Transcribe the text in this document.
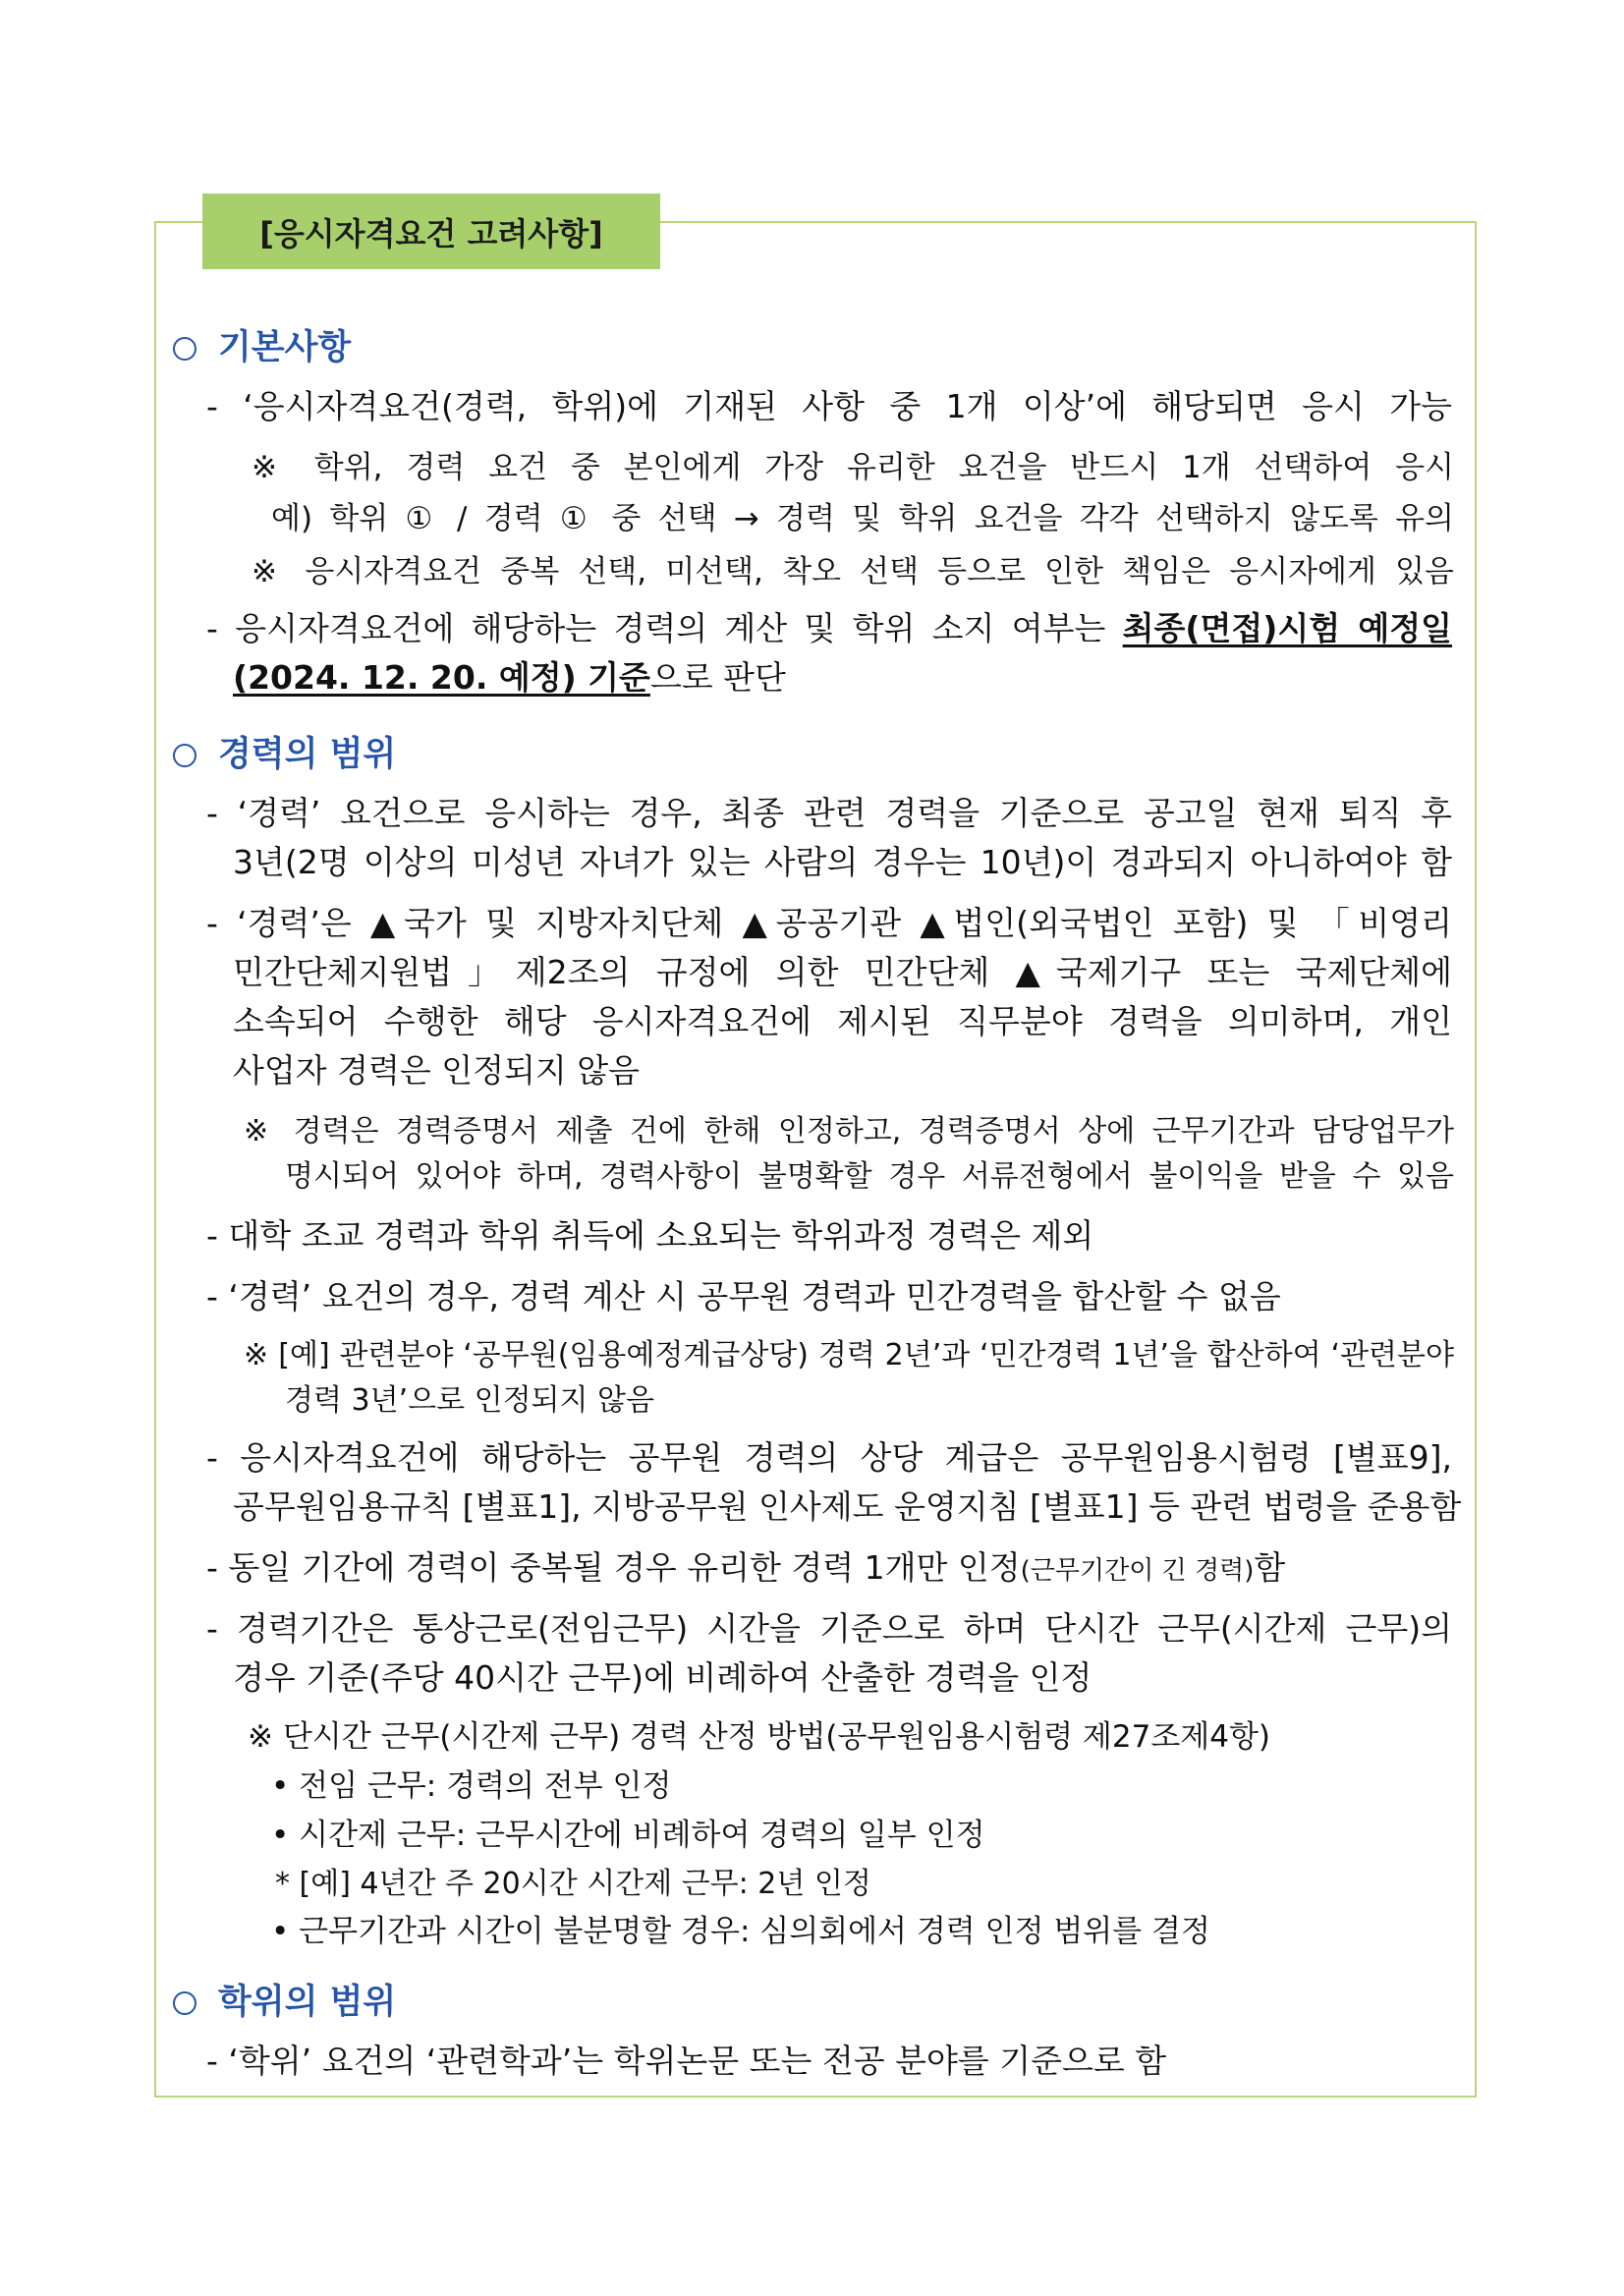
[응시자격요건 고려사항]
기본사항
- ‘응시자격요건(경력, 학위)에 기재된 사항 중 1개 이상’에 해당되면 응시 가능
※ 학위, 경력 요건 중 본인에게 가장 유리한 요건을 반드시 1개 선택하여 응시
예) 학위 ① / 경력 ① 중 선택 → 경력 및 학위 요건을 각각 선택하지 않도록 유의
※ 응시자격요건 중복 선택, 미선택, 착오 선택 등으로 인한 책임은 응시자에게 있음
- 응시자격요건에 해당하는 경력의 계산 및 학위 소지 여부는 최종(면접)시험 예정일
(2024. 12. 20. 예정) 기준으로 판단
경력의 범위
- ‘경력’ 요건으로 응시하는 경우, 최종 관련 경력을 기준으로 공고일 현재 퇴직 후
3년(2명 이상의 미성년 자녀가 있는 사람의 경우는 10년)이 경과되지 아니하여야 함
- ‘경력’은 ▲국가 및 지방자치단체 ▲공공기관 ▲법인(외국법인 포함) 및 「비영리
민간단체지원법」제2조의 규정에 의한 민간단체 ▲국제기구 또는 국제단체에
소속되어 수행한 해당 응시자격요건에 제시된 직무분야 경력을 의미하며, 개인
사업자 경력은 인정되지 않음
※ 경력은 경력증명서 제출 건에 한해 인정하고, 경력증명서 상에 근무기간과 담당업무가
명시되어 있어야 하며, 경력사항이 불명확할 경우 서류전형에서 불이익을 받을 수 있음
- 대학 조교 경력과 학위 취득에 소요되는 학위과정 경력은 제외
- ‘경력’ 요건의 경우, 경력 계산 시 공무원 경력과 민간경력을 합산할 수 없음
※ [예] 관련분야 ‘공무원(임용예정계급상당) 경력 2년’과 ‘민간경력 1년’을 합산하여 ‘관련분야
경력 3년’으로 인정되지 않음
- 응시자격요건에 해당하는 공무원 경력의 상당 계급은 공무원임용시험령 [별표9],
공무원임용규칙 [별표1], 지방공무원 인사제도 운영지침 [별표1] 등 관련 법령을 준용함
- 동일 기간에 경력이 중복될 경우 유리한 경력 1개만 인정(근무기간이 긴 경력)함
- 경력기간은 통상근로(전임근무) 시간을 기준으로 하며 단시간 근무(시간제 근무)의
경우 기준(주당 40시간 근무)에 비례하여 산출한 경력을 인정
※ 단시간 근무(시간제 근무) 경력 산정 방법(공무원임용시험령 제27조제4항)
• 전임 근무: 경력의 전부 인정
• 시간제 근무: 근무시간에 비례하여 경력의 일부 인정
* [예] 4년간 주 20시간 시간제 근무: 2년 인정
• 근무기간과 시간이 불분명할 경우: 심의회에서 경력 인정 범위를 결정
학위의 범위
- ‘학위’ 요건의 ‘관련학과’는 학위논문 또는 전공 분야를 기준으로 함
